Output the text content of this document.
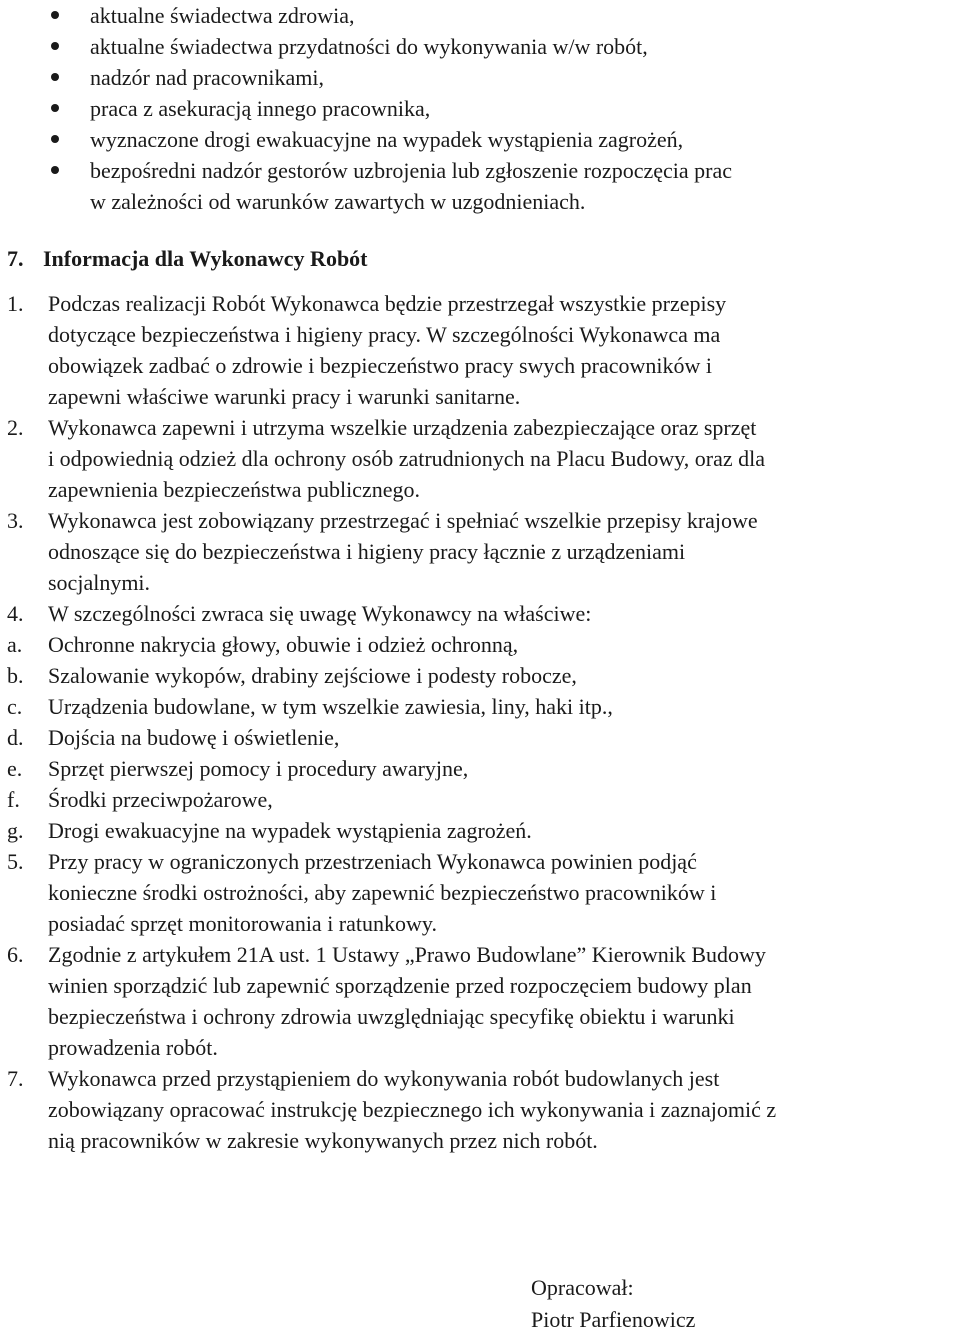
aktualne świadectwa zdrowia,
aktualne świadectwa przydatności do wykonywania w/w robót,
nadzór nad pracownikami,
praca z asekuracją innego pracownika,
wyznaczone drogi ewakuacyjne na wypadek wystąpienia zagrożeń,
bezpośredni nadzór gestorów uzbrojenia lub zgłoszenie rozpoczęcia prac
w zależności od warunków zawartych w uzgodnieniach.
7. Informacja dla Wykonawcy Robót
1. Podczas realizacji Robót Wykonawca będzie przestrzegał wszystkie przepisy
dotyczące bezpieczeństwa i higieny pracy. W szczególności Wykonawca ma
obowiązek zadbać o zdrowie i bezpieczeństwo pracy swych pracowników i
zapewni właściwe warunki pracy i warunki sanitarne.
2. Wykonawca zapewni i utrzyma wszelkie urządzenia zabezpieczające oraz sprzęt
i odpowiednią odzież dla ochrony osób zatrudnionych na Placu Budowy, oraz dla
zapewnienia bezpieczeństwa publicznego.
3. Wykonawca jest zobowiązany przestrzegać i spełniać wszelkie przepisy krajowe
odnoszące się do bezpieczeństwa i higieny pracy łącznie z urządzeniami
socjalnymi.
4. W szczególności zwraca się uwagę Wykonawcy na właściwe:
a. Ochronne nakrycia głowy, obuwie i odzież ochronną,
b. Szalowanie wykopów, drabiny zejściowe i podesty robocze,
c. Urządzenia budowlane, w tym wszelkie zawiesia, liny, haki itp.,
d. Dojścia na budowę i oświetlenie,
e. Sprzęt pierwszej pomocy i procedury awaryjne,
f. Środki przeciwpożarowe,
g. Drogi ewakuacyjne na wypadek wystąpienia zagrożeń.
5. Przy pracy w ograniczonych przestrzeniach Wykonawca powinien podjąć
konieczne środki ostrożności, aby zapewnić bezpieczeństwo pracowników i
posiadać sprzęt monitorowania i ratunkowy.
6. Zgodnie z artykułem 21A ust. 1 Ustawy „Prawo Budowlane” Kierownik Budowy
winien sporządzić lub zapewnić sporządzenie przed rozpoczęciem budowy plan
bezpieczeństwa i ochrony zdrowia uwzględniając specyfikę obiektu i warunki
prowadzenia robót.
7. Wykonawca przed przystąpieniem do wykonywania robót budowlanych jest
zobowiązany opracować instrukcję bezpiecznego ich wykonywania i zaznajomić z
nią pracowników w zakresie wykonywanych przez nich robót.
Opracował:
Piotr Parfienowicz
